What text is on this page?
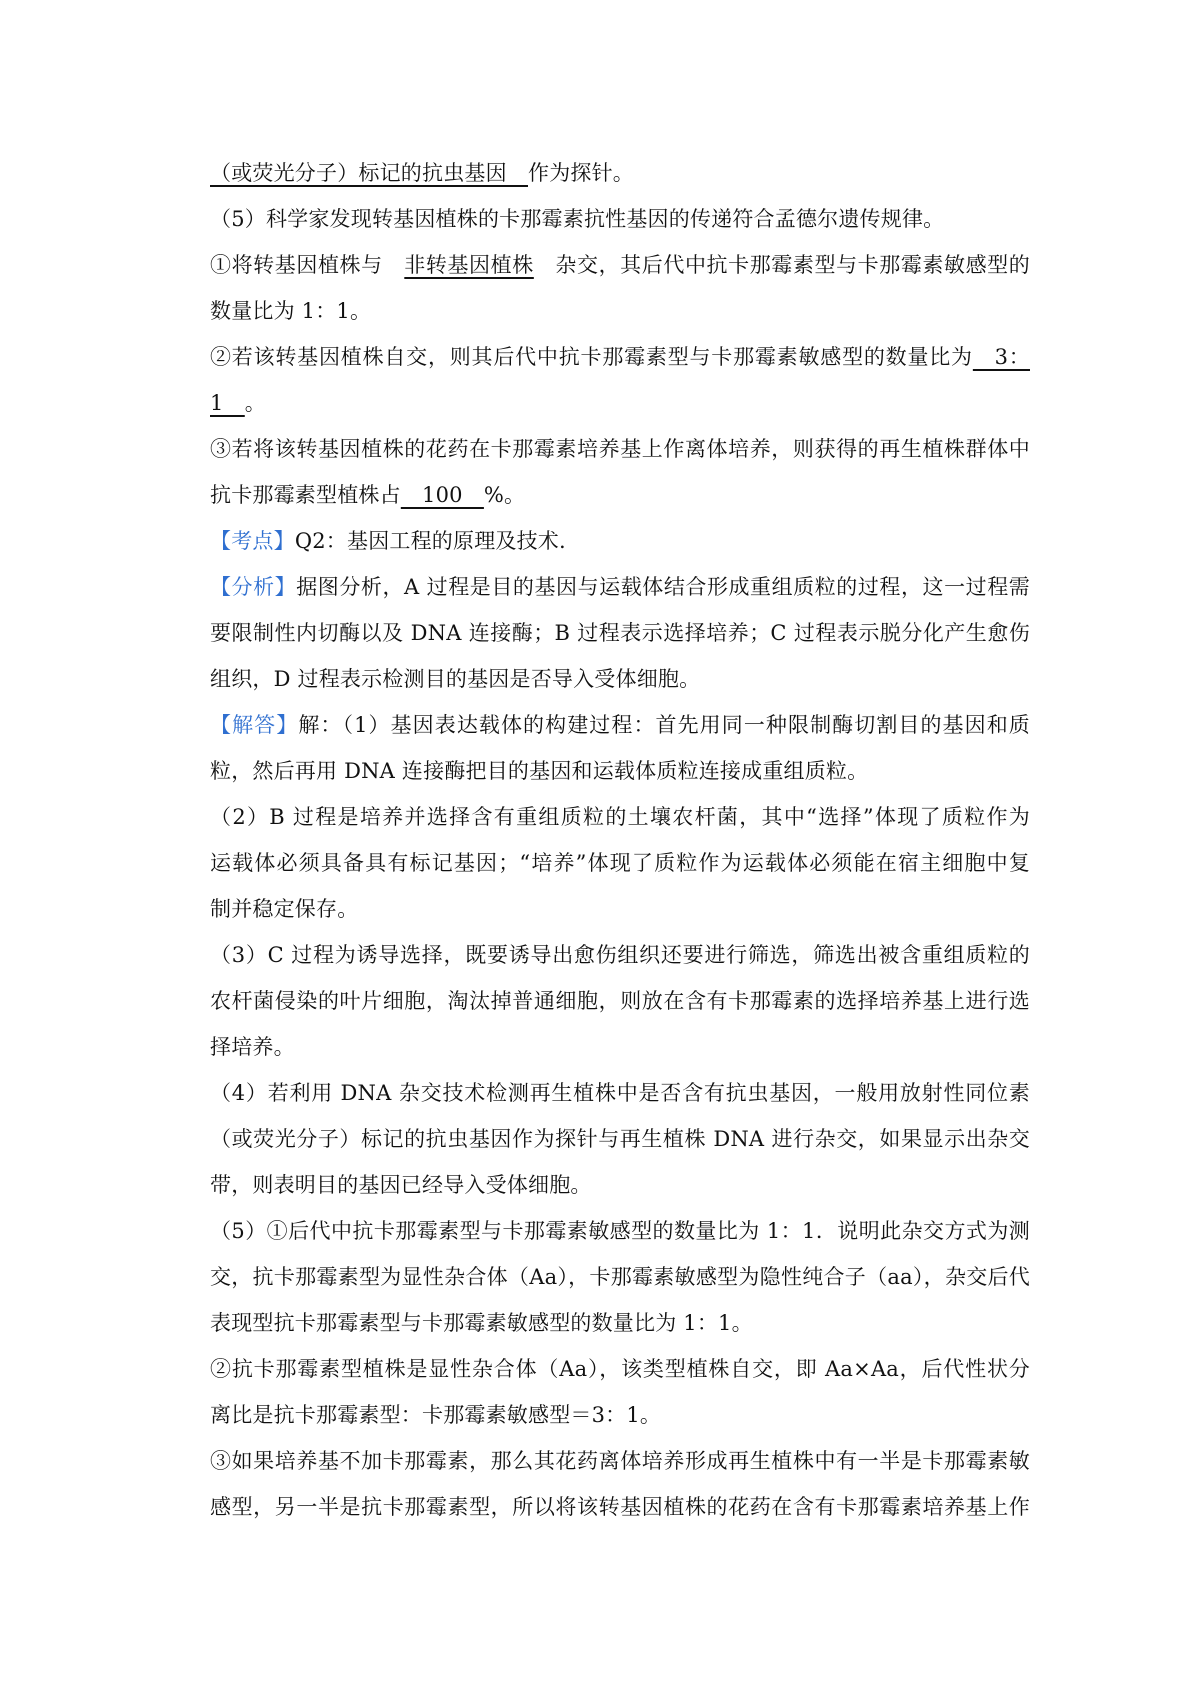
（或荧光分子）标记的抗虫基因　作为探针。
（5）科学家发现转基因植株的卡那霉素抗性基因的传递符合孟德尔遗传规律。
①将转基因植株与　非转基因植株　杂交，其后代中抗卡那霉素型与卡那霉素敏感型的
数量比为 1：1。
②若该转基因植株自交，则其后代中抗卡那霉素型与卡那霉素敏感型的数量比为　3：
1　。
③若将该转基因植株的花药在卡那霉素培养基上作离体培养，则获得的再生植株群体中
抗卡那霉素型植株占　100　%。
【考点】Q2：基因工程的原理及技术.
【分析】据图分析，A 过程是目的基因与运载体结合形成重组质粒的过程，这一过程需
要限制性内切酶以及 DNA 连接酶；B 过程表示选择培养；C 过程表示脱分化产生愈伤
组织，D 过程表示检测目的基因是否导入受体细胞。
【解答】解：（1）基因表达载体的构建过程：首先用同一种限制酶切割目的基因和质
粒，然后再用 DNA 连接酶把目的基因和运载体质粒连接成重组质粒。
（2）B 过程是培养并选择含有重组质粒的土壤农杆菌，其中“选择”体现了质粒作为
运载体必须具备具有标记基因；“培养”体现了质粒作为运载体必须能在宿主细胞中复
制并稳定保存。
（3）C 过程为诱导选择，既要诱导出愈伤组织还要进行筛选，筛选出被含重组质粒的
农杆菌侵染的叶片细胞，淘汰掉普通细胞，则放在含有卡那霉素的选择培养基上进行选
择培养。
（4）若利用 DNA 杂交技术检测再生植株中是否含有抗虫基因，一般用放射性同位素
（或荧光分子）标记的抗虫基因作为探针与再生植株 DNA 进行杂交，如果显示出杂交
带，则表明目的基因已经导入受体细胞。
（5）①后代中抗卡那霉素型与卡那霉素敏感型的数量比为 1：1．说明此杂交方式为测
交，抗卡那霉素型为显性杂合体（Aa），卡那霉素敏感型为隐性纯合子（aa），杂交后代
表现型抗卡那霉素型与卡那霉素敏感型的数量比为 1：1。
②抗卡那霉素型植株是显性杂合体（Aa），该类型植株自交，即 Aa×Aa，后代性状分
离比是抗卡那霉素型：卡那霉素敏感型＝3：1。
③如果培养基不加卡那霉素，那么其花药离体培养形成再生植株中有一半是卡那霉素敏
感型，另一半是抗卡那霉素型，所以将该转基因植株的花药在含有卡那霉素培养基上作
